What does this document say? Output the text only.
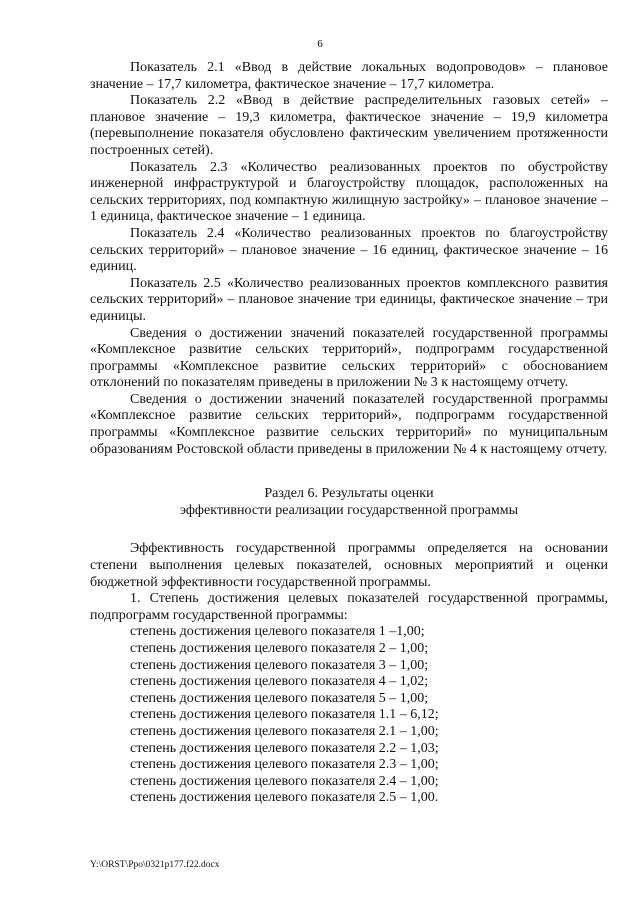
6

Показатель 2.1 «Ввод в действие локальных водопроводов» – плановое значение – 17,7 километра, фактическое значение – 17,7 километра.

Показатель 2.2 «Ввод в действие распределительных газовых сетей» – плановое значение – 19,3 километра, фактическое значение – 19,9 километра (перевыполнение показателя обусловлено фактическим увеличением протяженности построенных сетей).

Показатель 2.3 «Количество реализованных проектов по обустройству инженерной инфраструктурой и благоустройству площадок, расположенных на сельских территориях, под компактную жилищную застройку» – плановое значение – 1 единица, фактическое значение – 1 единица.

Показатель 2.4 «Количество реализованных проектов по благоустройству сельских территорий» – плановое значение – 16 единиц, фактическое значение – 16 единиц.

Показатель 2.5 «Количество реализованных проектов комплексного развития сельских территорий» – плановое значение три единицы, фактическое значение – три единицы.

Сведения о достижении значений показателей государственной программы «Комплексное развитие сельских территорий», подпрограмм государственной программы «Комплексное развитие сельских территорий» с обоснованием отклонений по показателям приведены в приложении № 3 к настоящему отчету.

Сведения о достижении значений показателей государственной программы «Комплексное развитие сельских территорий», подпрограмм государственной программы «Комплексное развитие сельских территорий» по муниципальным образованиям Ростовской области приведены в приложении № 4 к настоящему отчету.

Раздел 6. Результаты оценки
эффективности реализации государственной программы

Эффективность государственной программы определяется на основании степени выполнения целевых показателей, основных мероприятий и оценки бюджетной эффективности государственной программы.

1. Степень достижения целевых показателей государственной программы, подпрограмм государственной программы:

степень достижения целевого показателя 1 –1,00;

степень достижения целевого показателя 2 – 1,00;

степень достижения целевого показателя 3 – 1,00;

степень достижения целевого показателя 4 – 1,02;

степень достижения целевого показателя 5 – 1,00;

степень достижения целевого показателя 1.1 – 6,12;

степень достижения целевого показателя 2.1 – 1,00;

степень достижения целевого показателя 2.2 – 1,03;

степень достижения целевого показателя 2.3 – 1,00;

степень достижения целевого показателя 2.4 – 1,00;

степень достижения целевого показателя 2.5 – 1,00.

Y:\ORST\Ppo\0321p177.f22.docx
